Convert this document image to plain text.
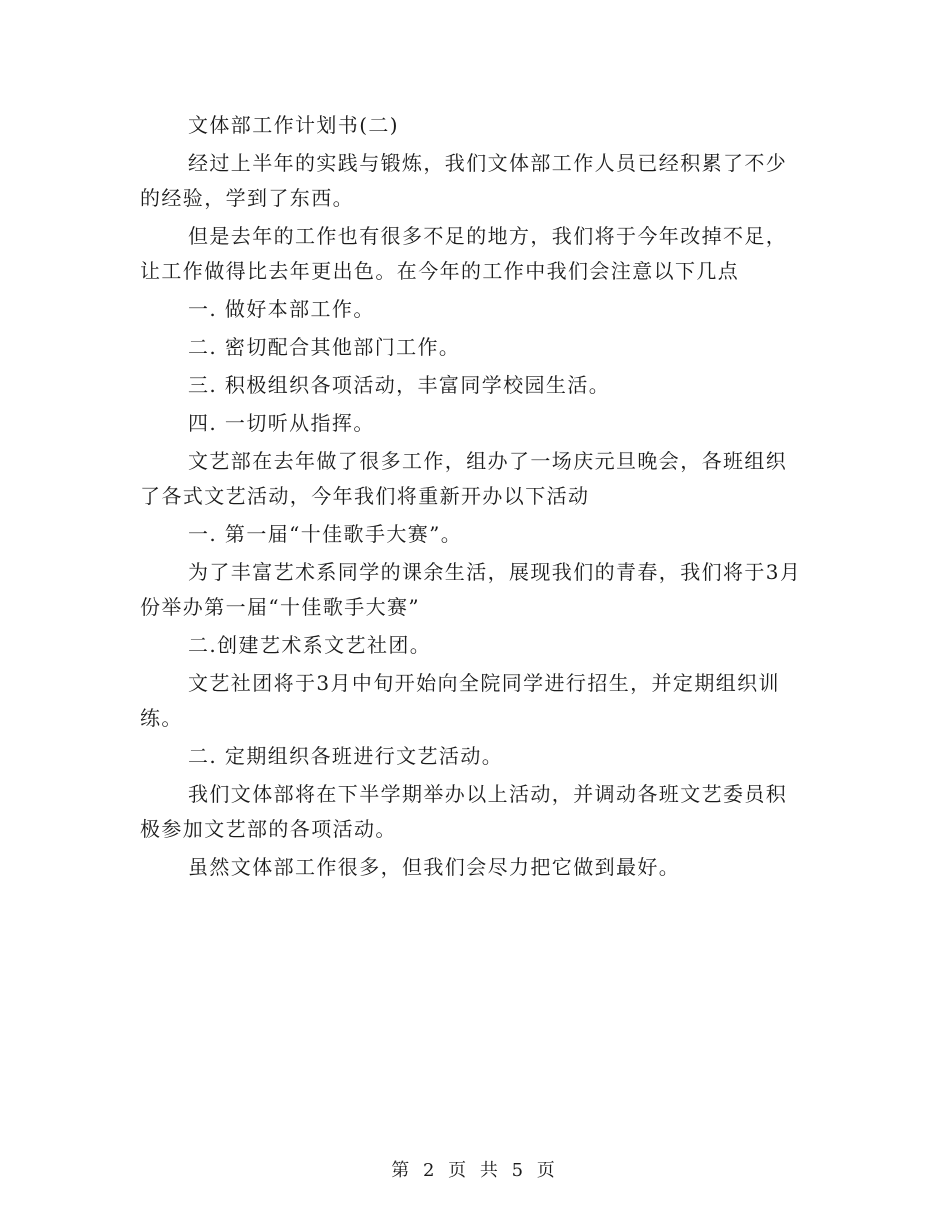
文体部工作计划书(二)

经过上半年的实践与锻炼，我们文体部工作人员已经积累了不少的经验，学到了东西。

但是去年的工作也有很多不足的地方，我们将于今年改掉不足，让工作做得比去年更出色。在今年的工作中我们会注意以下几点

一. 做好本部工作。

二. 密切配合其他部门工作。

三. 积极组织各项活动，丰富同学校园生活。

四. 一切听从指挥。

文艺部在去年做了很多工作，组办了一场庆元旦晚会，各班组织了各式文艺活动，今年我们将重新开办以下活动

一. 第一届“十佳歌手大赛”。

为了丰富艺术系同学的课余生活，展现我们的青春，我们将于3月份举办第一届“十佳歌手大赛”

二.创建艺术系文艺社团。

文艺社团将于3月中旬开始向全院同学进行招生，并定期组织训练。

二. 定期组织各班进行文艺活动。

我们文体部将在下半学期举办以上活动，并调动各班文艺委员积极参加文艺部的各项活动。

虽然文体部工作很多，但我们会尽力把它做到最好。

第 2 页 共 5 页
